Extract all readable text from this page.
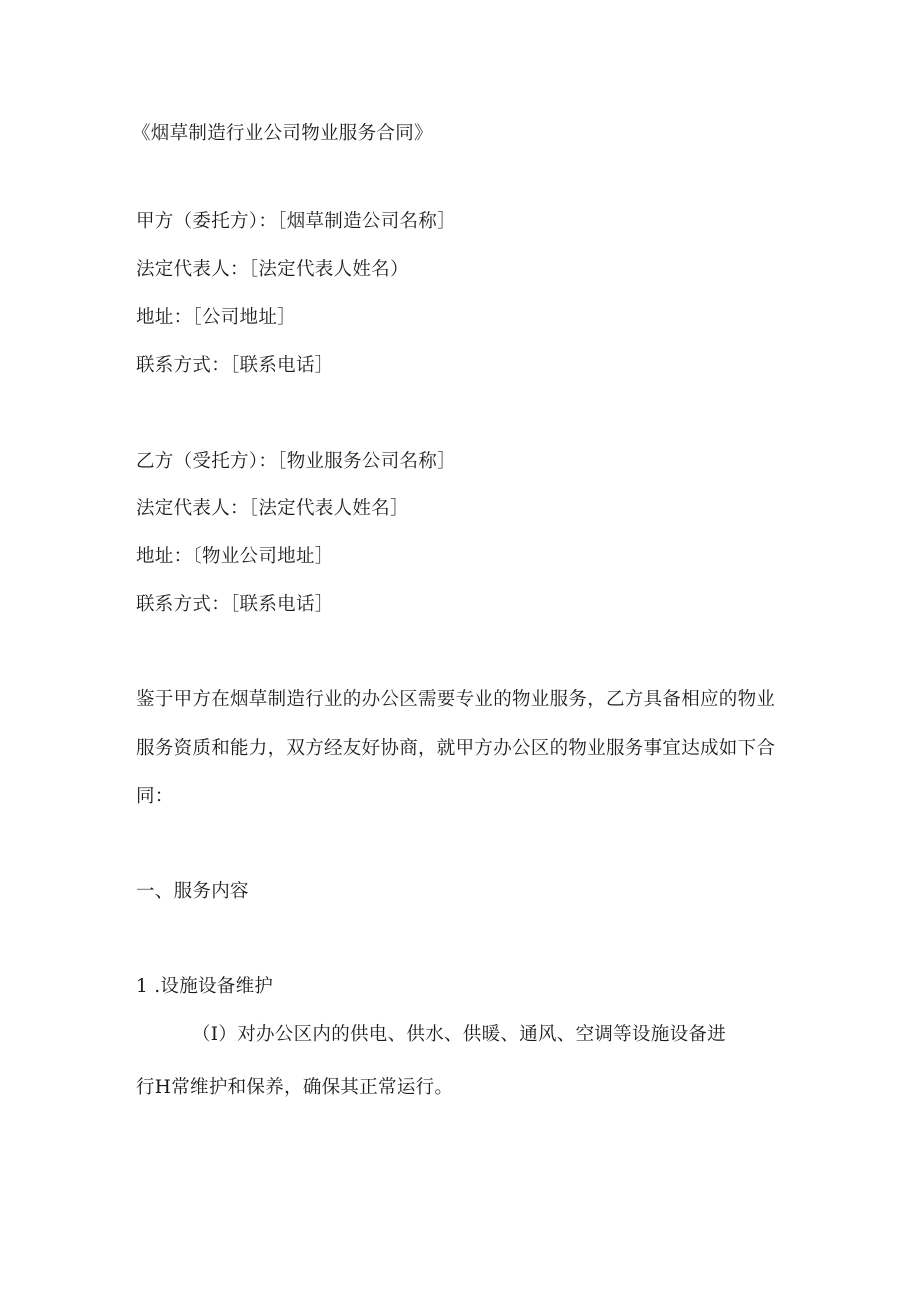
《烟草制造行业公司物业服务合同》
甲方（委托方）：［烟草制造公司名称］
法定代表人：［法定代表人姓名）
地址：［公司地址］
联系方式：［联系电话］
乙方（受托方）：［物业服务公司名称］
法定代表人：［法定代表人姓名］
地址：〔物业公司地址］
联系方式：［联系电话］
鉴于甲方在烟草制造行业的办公区需要专业的物业服务，乙方具备相应的物业
服务资质和能力，双方经友好协商，就甲方办公区的物业服务事宜达成如下合
同：
一、服务内容
1 .设施设备维护
（I）对办公区内的供电、供水、供暖、通风、空调等设施设备进
行H常维护和保养，确保其正常运行。
